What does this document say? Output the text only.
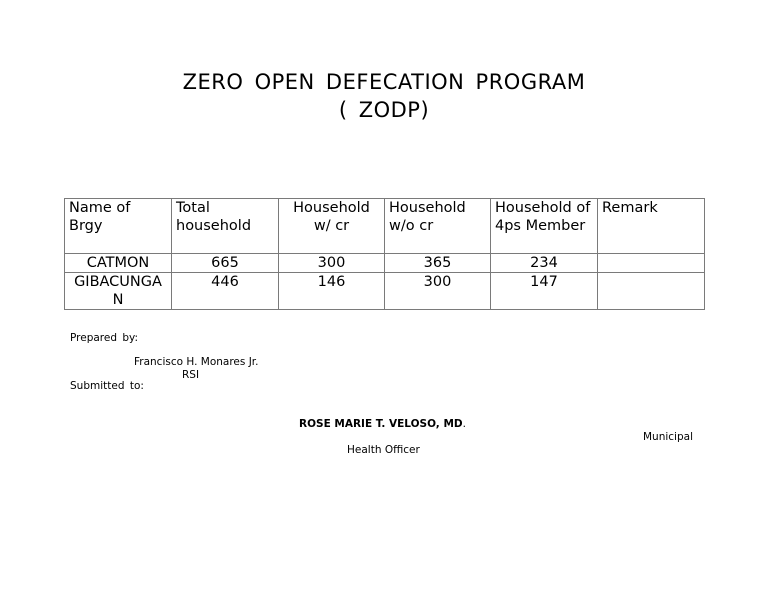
ZERO OPEN DEFECATION PROGRAM
( ZODP)
Name of Brgy	Total household	Household w/ cr	Household w/o cr	Household of 4ps Member	Remark
CATMON	665	300	365	234	
GIBACUNGAN	446	146	300	147	
Prepared by:
Francisco H. Monares Jr.
RSI
Submitted to:
ROSE MARIE T. VELOSO, MD.
Municipal
Health Officer
